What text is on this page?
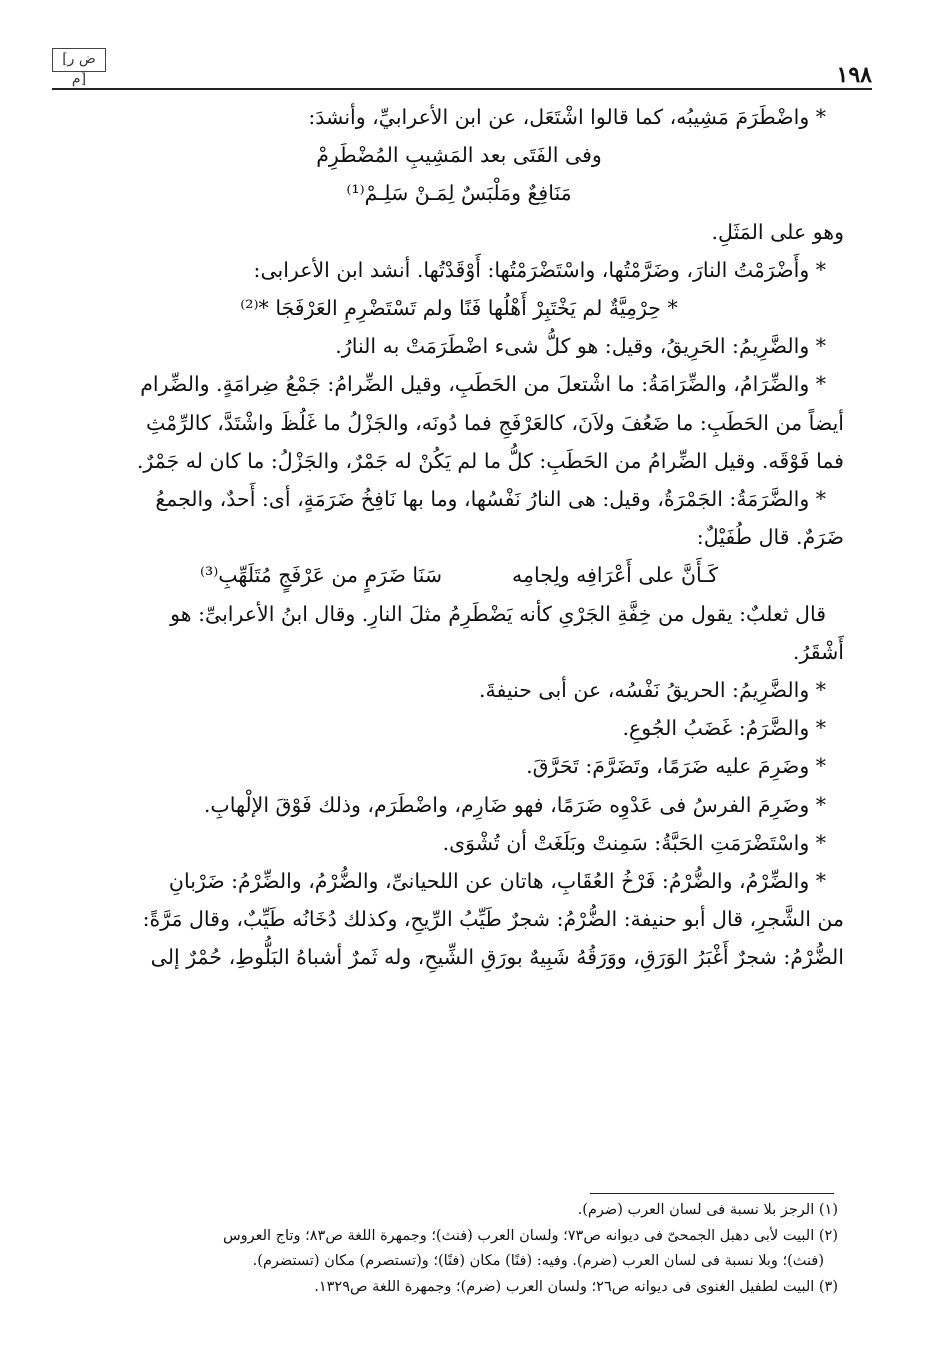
[ض ر م]	١٩٨

* واضْطَرَمَ مَشِيبُه، كما قالوا اشْتَعَل، عن ابن الأعرابيِّ، وأنشدَ:

وفى الفَتَى بعد المَشِيبِ المُضْطَرِمْ

مَنَافِعٌ ومَلْبَسٌ لِمَـنْ سَلِـمْ⁽¹⁾

وهو على المَثَلِ.

* وأَضْرَمْتُ النارَ، وضَرَّمْتُها، واسْتَضْرَمْتُها: أَوْقَدْتُها. أنشد ابن الأعرابى:

* حِرْمِيَّةٌ لم يَخْتَبِرْ أَهْلُها فَنًا ولم تَسْتَضْرِمِ العَرْفَجَا *⁽²⁾

* والضَّرِيمُ: الحَرِيقُ، وقيل: هو كلُّ شىء اضْطَرَمَتْ به النارُ.

* والضِّرَامُ، والضِّرَامَةُ: ما اشْتعلَ من الحَطَبِ، وقيل الضِّرامُ: جَمْعُ ضِرامَةٍ. والضِّرام

أيضاً من الحَطَبِ: ما ضَعُفَ ولاَنَ، كالعَرْفَجِ فما دُونَه، والجَزْلُ ما غَلُظَ واشْتَدَّ، كالرِّمْثِ

فما فَوْقَه. وقيل الضِّرامُ من الحَطَبِ: كلُّ ما لم يَكُنْ له جَمْرٌ، والجَزْلُ: ما كان له جَمْرٌ.

* والضَّرَمَةُ: الجَمْرَةُ، وقيل: هى النارُ نَفْسُها، وما بها نَافِخُ ضَرَمَةٍ، أى: أَحدٌ، والجمعُ

ضَرَمٌ. قال طُفَيْلٌ:

كَـأَنَّ على أَعْرَافِه ولِجامِه
سَنَا ضَرَمٍ من عَرْفَجٍ مُتَلَهِّبِ⁽³⁾

قال ثعلبٌ: يقول من خِفَّةِ الجَرْىِ كأنه يَضْطَرِمُ مثلَ النارِ. وقال ابنُ الأعرابىِّ: هو

أَشْقَرُ.

* والضَّرِيمُ: الحريقُ نَفْسُه، عن أبى حنيفةَ.

* والضَّرَمُ: غَضَبُ الجُوعِ.

* وضَرِمَ عليه ضَرَمًا، وتَضَرَّمَ: تَحَرَّقَ.

* وضَرِمَ الفرسُ فى عَدْوِه ضَرَمًا، فهو ضَارِم، واضْطَرَم، وذلك فَوْقَ الإلْهابِ.

* واسْتَضْرَمَتِ الحَبَّةُ: سَمِنتْ وبَلَغَتْ أن تُشْوَى.

* والضِّرْمُ، والضُّرْمُ: فَرْخُ العُقَابِ، هاتان عن اللحيانىِّ، والضُّرْمُ، والضِّرْمُ: ضَرْبانِ

من الشَّجرِ، قال أبو حنيفة: الضُّرْمُ: شجرٌ طَيِّبُ الرِّيحِ، وكذلك دُخَانُه طَيِّبٌ، وقال مَرَّةً:

الضُّرْمُ: شجرٌ أَغْبَرُ الوَرَقِ، ووَرَقُهُ شَبِيهٌ بورَقِ الشِّيحِ، وله ثَمرٌ أشباهُ البَلُّوطِ، حُمْرٌ إلى

(١) الرجز بلا نسبة فى لسان العرب (ضرم).

(٢) البيت لأبى دهبل الجمحىّ فى ديوانه ص٧٣؛ ولسان العرب (فنث)؛ وجمهرة اللغة ص٨٣؛ وتاج العروس

(فنث)؛ وبلا نسبة فى لسان العرب (ضرم). وفيه: (فنًا) مكان (فنًا)؛ و(تستصرم) مكان (تستضرم).

(٣) البيت لطفيل الغنوى فى ديوانه ص٢٦؛ ولسان العرب (ضرم)؛ وجمهرة اللغة ص١٣٢٩.
